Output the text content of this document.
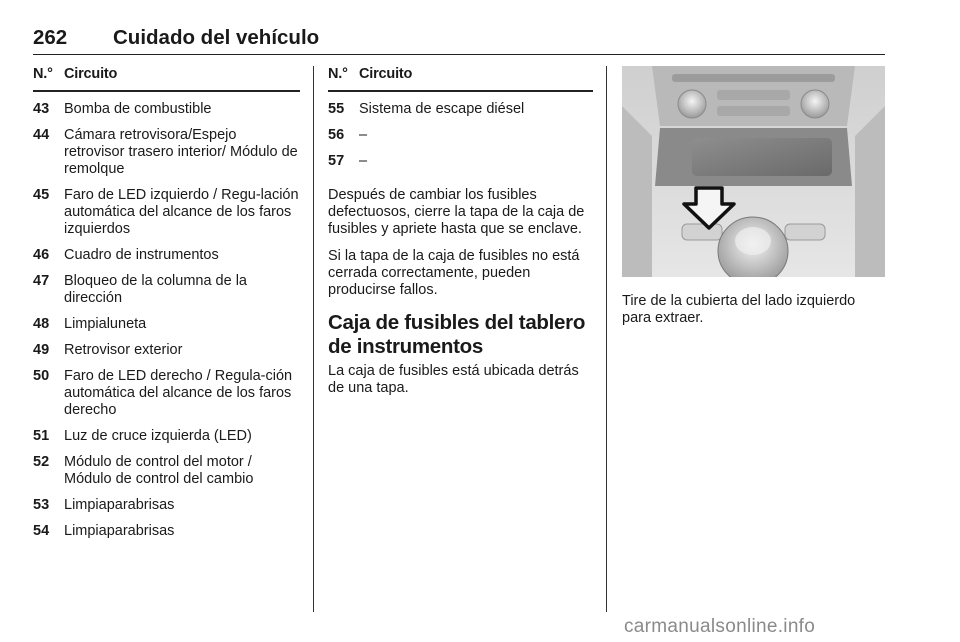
262 Cuidado del vehículo
N.° Circuito
43	Bomba de combustible
44	Cámara retrovisora/Espejo retrovisor trasero interior/ Módulo de remolque
45	Faro de LED izquierdo / Regu-lación automática del alcance de los faros izquierdos
46	Cuadro de instrumentos
47	Bloqueo de la columna de la dirección
48	Limpialuneta
49	Retrovisor exterior
50	Faro de LED derecho / Regula-ción automática del alcance de los faros derecho
51	Luz de cruce izquierda (LED)
52	Módulo de control del motor / Módulo de control del cambio
53	Limpiaparabrisas
54	Limpiaparabrisas
N.° Circuito
55	Sistema de escape diésel
56	–
57	–

Después de cambiar los fusibles defectuosos, cierre la tapa de la caja de fusibles y apriete hasta que se enclave.

Si la tapa de la caja de fusibles no está cerrada correctamente, pueden producirse fallos.

Caja de fusibles del tablero de instrumentos

La caja de fusibles está ubicada detrás de una tapa.

Tire de la cubierta del lado izquierdo para extraer.
carmanualsonline.info
